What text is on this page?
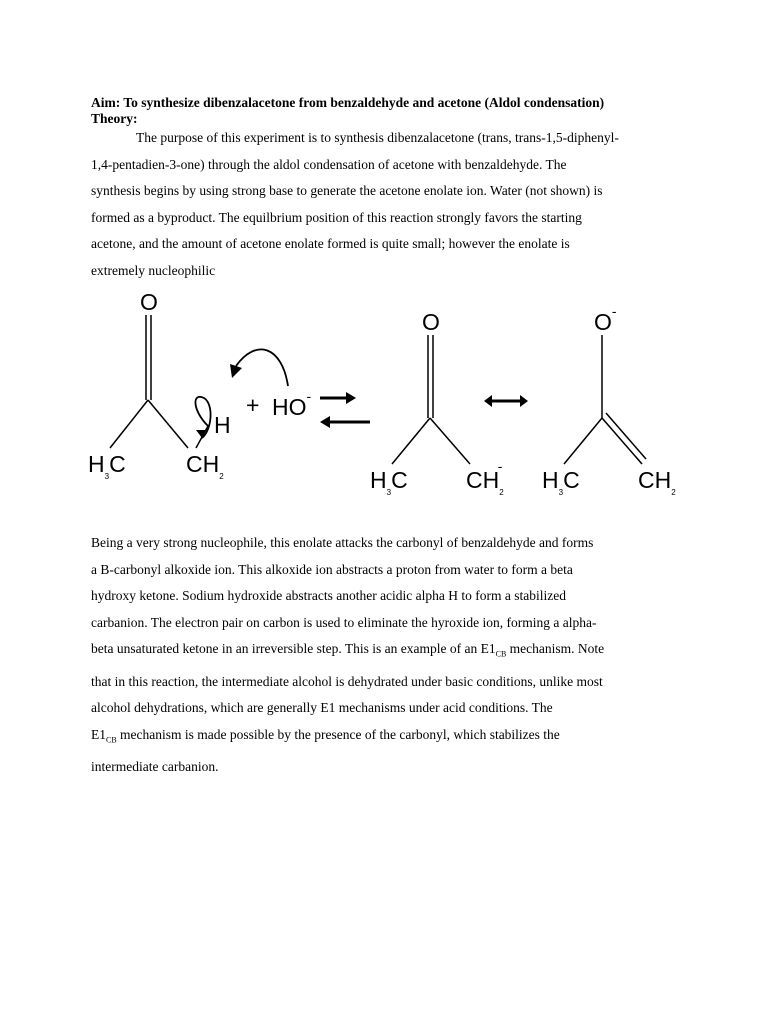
Aim: To synthesize dibenzalacetone from benzaldehyde and acetone (Aldol condensation)
Theory:
The purpose of this experiment is to synthesis dibenzalacetone (trans, trans-1,5-diphenyl-
1,4-pentadien-3-one) through the aldol condensation of acetone with benzaldehyde. The
synthesis begins by using strong base to generate the acetone enolate ion. Water (not shown) is
formed as a byproduct. The equilbrium position of this reaction strongly favors the starting
acetone, and the amount of acetone enolate formed is quite small; however the enolate is
extremely nucleophilic
O
$H_3C$	$CH_2$
H
+ HO-
O
$H_3C$	$CH_2-$
O-
$H_3C$	$CH_2$
Being a very strong nucleophile, this enolate attacks the carbonyl of benzaldehyde and forms
a B-carbonyl alkoxide ion. This alkoxide ion abstracts a proton from water to form a beta
hydroxy ketone. Sodium hydroxide abstracts another acidic alpha H to form a stabilized
carbanion. The electron pair on carbon is used to eliminate the hyroxide ion, forming a alpha-
beta unsaturated ketone in an irreversible step. This is an example of an $E1_{CB}$ mechanism. Note
that in this reaction, the intermediate alcohol is dehydrated under basic conditions, unlike most
alcohol dehydrations, which are generally E1 mechanisms under acid conditions. The
$E1_{CB}$ mechanism is made possible by the presence of the carbonyl, which stabilizes the
intermediate carbanion.
